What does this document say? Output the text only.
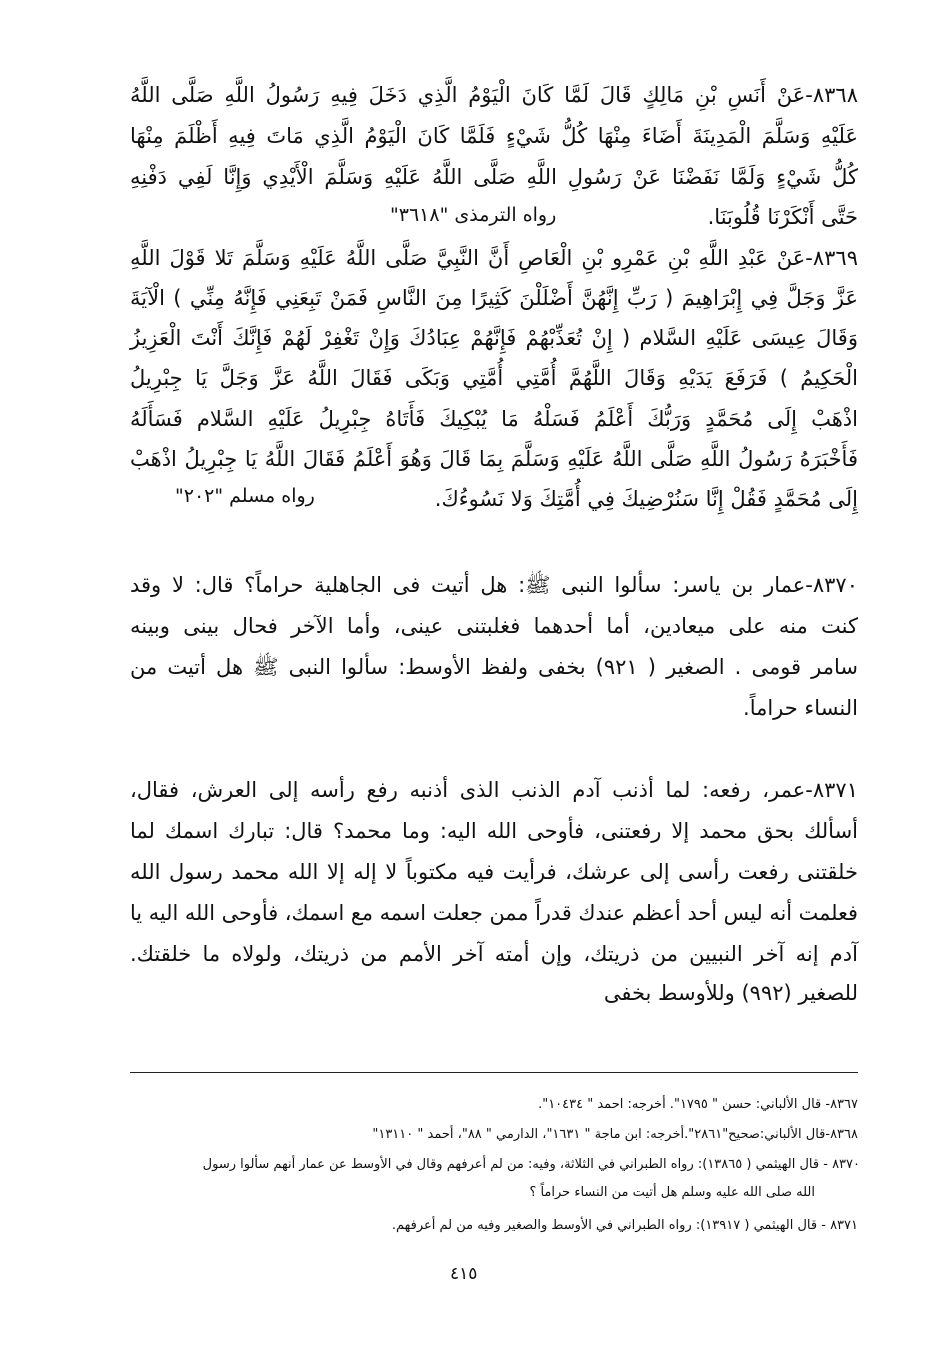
٨٣٦٨-عَنْ أَنَسِ بْنِ مَالِكٍ قَالَ لَمَّا كَانَ الْيَوْمُ الَّذِي دَخَلَ فِيهِ رَسُولُ اللَّهِ صَلَّى اللَّهُ
عَلَيْهِ وَسَلَّمَ الْمَدِينَةَ أَضَاءَ مِنْهَا كُلُّ شَيْءٍ فَلَمَّا كَانَ الْيَوْمُ الَّذِي مَاتَ فِيهِ أَظْلَمَ مِنْهَا
كُلُّ شَيْءٍ وَلَمَّا نَفَضْنَا عَنْ رَسُولِ اللَّهِ صَلَّى اللَّهُ عَلَيْهِ وَسَلَّمَ الْأَيْدِي وَإِنَّا لَفِي دَفْنِهِ
حَتَّى أَنْكَرْنَا قُلُوبَنَا.
رواه الترمذى "٣٦١٨"
٨٣٦٩-عَنْ عَبْدِ اللَّهِ بْنِ عَمْرِو بْنِ الْعَاصِ أَنَّ النَّبِيَّ صَلَّى اللَّهُ عَلَيْهِ وَسَلَّمَ تَلا قَوْلَ اللَّهِ
عَزَّ وَجَلَّ فِي إِبْرَاهِيمَ ( رَبِّ إِنَّهُنَّ أَضْلَلْنَ كَثِيرًا مِنَ النَّاسِ فَمَنْ تَبِعَنِي فَإِنَّهُ مِنِّي ) الْآيَةَ
وَقَالَ عِيسَى عَلَيْهِ السَّلام ( إِنْ تُعَذِّبْهُمْ فَإِنَّهُمْ عِبَادُكَ وَإِنْ تَغْفِرْ لَهُمْ فَإِنَّكَ أَنْتَ الْعَزِيزُ
الْحَكِيمُ ) فَرَفَعَ يَدَيْهِ وَقَالَ اللَّهُمَّ أُمَّتِي أُمَّتِي وَبَكَى فَقَالَ اللَّهُ عَزَّ وَجَلَّ يَا جِبْرِيلُ
اذْهَبْ إِلَى مُحَمَّدٍ وَرَبُّكَ أَعْلَمُ فَسَلْهُ مَا يُبْكِيكَ فَأَتَاهُ جِبْرِيلُ عَلَيْهِ السَّلام فَسَأَلَهُ
فَأَخْبَرَهُ رَسُولُ اللَّهِ صَلَّى اللَّهُ عَلَيْهِ وَسَلَّمَ بِمَا قَالَ وَهُوَ أَعْلَمُ فَقَالَ اللَّهُ يَا جِبْرِيلُ اذْهَبْ
إِلَى مُحَمَّدٍ فَقُلْ إِنَّا سَنُرْضِيكَ فِي أُمَّتِكَ وَلا نَسُوءُكَ.
رواه مسلم "٢٠٢"
٨٣٧٠-عمار بن ياسر: سألوا النبى ﷺ: هل أتيت فى الجاهلية حراماً؟ قال: لا وقد
كنت منه على ميعادين، أما أحدهما فغلبتنى عينى، وأما الآخر فحال بينى وبينه
سامر قومى . الصغير ( ٩٢١) بخفى ولفظ الأوسط: سألوا النبى ﷺ هل أتيت من
النساء حراماً.
٨٣٧١-عمر، رفعه: لما أذنب آدم الذنب الذى أذنبه رفع رأسه إلى العرش، فقال،
أسألك بحق محمد إلا رفعتنى، فأوحى الله اليه: وما محمد؟ قال: تبارك اسمك لما
خلقتنى رفعت رأسى إلى عرشك، فرأيت فيه مكتوباً لا إله إلا الله محمد رسول الله
فعلمت أنه ليس أحد أعظم عندك قدراً ممن جعلت اسمه مع اسمك، فأوحى الله اليه يا
آدم إنه آخر النبيين من ذريتك، وإن أمته آخر الأمم من ذريتك، ولولاه ما خلقتك.
للصغير (٩٩٢) وللأوسط بخفى
٨٣٦٧- قال الألباني: حسن " ١٧٩٥". أخرجه: احمد " ١٠٤٣٤".
٨٣٦٨-قال الألباني:صحيح"٢٨٦١".أخرجه: ابن ماجة " ١٦٣١"، الدارمي " ٨٨"، أحمد " ١٣١١٠"
٨٣٧٠ - قال الهيثمي ( ١٣٨٦٥): رواه الطبراني في الثلاثة، وفيه: من لم أعرفهم وقال في الأوسط عن عمار أنهم سألوا رسول
الله صلى الله عليه وسلم هل أتيت من النساء حراماً ؟
٨٣٧١ - قال الهيثمي ( ١٣٩١٧): رواه الطبراني في الأوسط والصغير وفيه من لم أعرفهم.
٤١٥
